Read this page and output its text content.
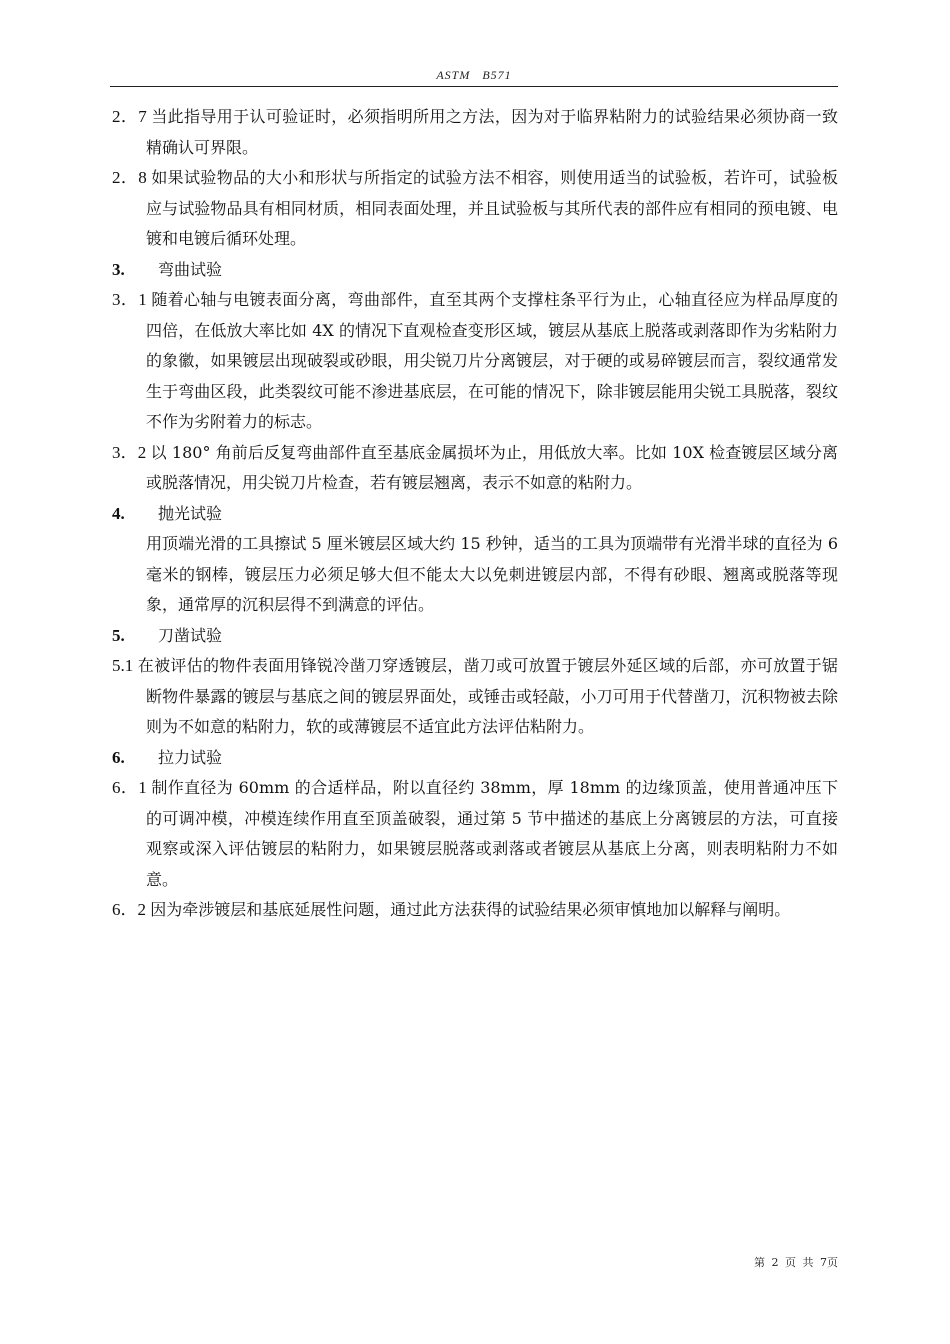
ASTM B571

2．7 当此指导用于认可验证时，必须指明所用之方法，因为对于临界粘附力的试验结果必须协商一致精确认可界限。

2．8 如果试验物品的大小和形状与所指定的试验方法不相容，则使用适当的试验板，若许可，试验板应与试验物品具有相同材质，相同表面处理，并且试验板与其所代表的部件应有相同的预电镀、电镀和电镀后循环处理。

3. 弯曲试验

3．1 随着心轴与电镀表面分离，弯曲部件，直至其两个支撑柱条平行为止，心轴直径应为样品厚度的四倍，在低放大率比如 4X 的情况下直观检查变形区域，镀层从基底上脱落或剥落即作为劣粘附力的象徽，如果镀层出现破裂或砂眼，用尖锐刀片分离镀层，对于硬的或易碎镀层而言，裂纹通常发生于弯曲区段，此类裂纹可能不渗进基底层，在可能的情况下，除非镀层能用尖锐工具脱落，裂纹不作为劣附着力的标志。

3．2 以 180° 角前后反复弯曲部件直至基底金属损坏为止，用低放大率。比如 10X 检查镀层区域分离或脱落情况，用尖锐刀片检查，若有镀层翘离，表示不如意的粘附力。

4. 抛光试验

用顶端光滑的工具擦试 5 厘米镀层区域大约 15 秒钟，适当的工具为顶端带有光滑半球的直径为 6 毫米的钢棒，镀层压力必须足够大但不能太大以免刺进镀层内部，不得有砂眼、翘离或脱落等现象，通常厚的沉积层得不到满意的评估。

5. 刀凿试验

5.1 在被评估的物件表面用锋锐冷凿刀穿透镀层，凿刀或可放置于镀层外延区域的后部，亦可放置于锯断物件暴露的镀层与基底之间的镀层界面处，或锤击或轻敲，小刀可用于代替凿刀，沉积物被去除则为不如意的粘附力，软的或薄镀层不适宜此方法评估粘附力。

6. 拉力试验

6．1 制作直径为 60mm 的合适样品，附以直径约 38mm，厚 18mm 的边缘顶盖，使用普通冲压下的可调冲模，冲模连续作用直至顶盖破裂，通过第 5 节中描述的基底上分离镀层的方法，可直接观察或深入评估镀层的粘附力，如果镀层脱落或剥落或者镀层从基底上分离，则表明粘附力不如意。

6．2 因为牵涉镀层和基底延展性问题，通过此方法获得的试验结果必须审慎地加以解释与阐明。

第 2 页 共 7页
